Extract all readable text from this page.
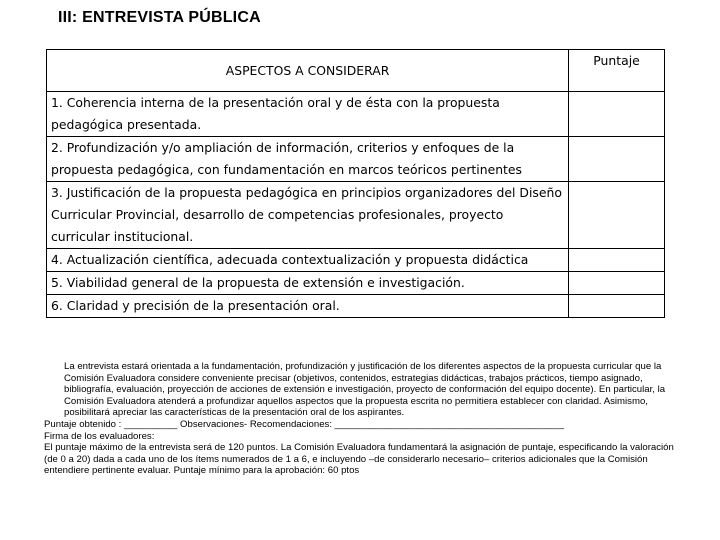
III: ENTREVISTA PÚBLICA
ASPECTOS A CONSIDERAR	Puntaje
1. Coherencia interna de la presentación oral y de ésta con la propuesta pedagógica presentada.	
2. Profundización y/o ampliación de información, criterios y enfoques de la propuesta pedagógica, con fundamentación en marcos teóricos pertinentes	
3. Justificación de la propuesta pedagógica en principios organizadores del Diseño Curricular Provincial, desarrollo de competencias profesionales, proyecto curricular institucional.	
4. Actualización científica, adecuada contextualización y propuesta didáctica	
5. Viabilidad general de la propuesta de extensión e investigación.	
6. Claridad y precisión de la presentación oral.	

La entrevista estará orientada a la fundamentación, profundización y justificación de los diferentes aspectos de la propuesta curricular que la Comisión Evaluadora considere conveniente precisar (objetivos, contenidos, estrategias didácticas, trabajos prácticos, tiempo asignado, bibliografía, evaluación, proyección de acciones de extensión e investigación, proyecto de conformación del equipo docente). En particular, la Comisión Evaluadora atenderá a profundizar aquellos aspectos que la propuesta escrita no permitiera establecer con claridad. Asimismo, posibilitará apreciar las características de la presentación oral de los aspirantes.

Puntaje obtenido : __________ Observaciones- Recomendaciones: ___________________________________________

Firma de los evaluadores:

El puntaje máximo de la entrevista será de 120 puntos. La Comisión Evaluadora fundamentará la asignación de puntaje, especificando la valoración (de 0 a 20) dada a cada uno de los ítems numerados de 1 a 6, e incluyendo –de considerarlo necesario– criterios adicionales que la Comisión entendiere pertinente evaluar. Puntaje mínimo para la aprobación: 60 ptos
